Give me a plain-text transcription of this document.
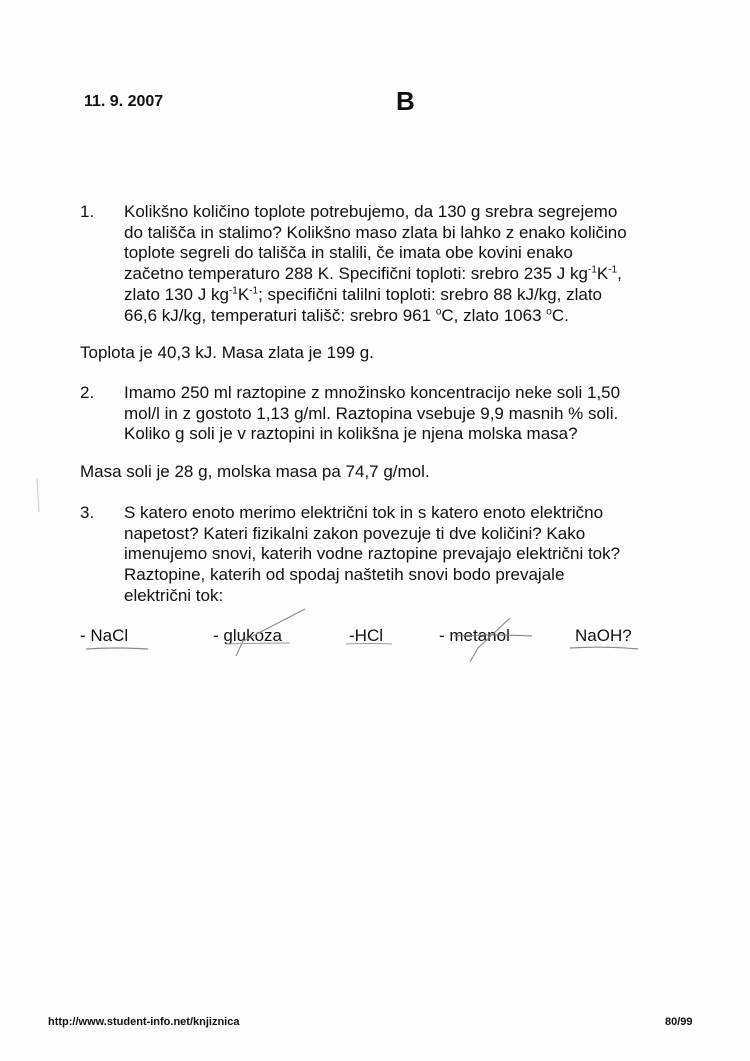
11. 9. 2007	B
1. Kolikšno količino toplote potrebujemo, da 130 g srebra segrejemo
do tališča in stalimo? Kolikšno maso zlata bi lahko z enako količino
toplote segreli do tališča in stalili, če imata obe kovini enako
začetno temperaturo 288 K. Specifični toploti: srebro 235 J $kg^{-1}K^{-1}$,
zlato 130 J $kg^{-1}K^{-1}$; specifični talilni toploti: srebro 88 kJ/kg, zlato
66,6 kJ/kg, temperaturi tališč: srebro 961 $^o$C, zlato 1063 $^o$C.
Toplota je 40,3 kJ. Masa zlata je 199 g.
2. Imamo 250 ml raztopine z množinsko koncentracijo neke soli 1,50
mol/l in z gostoto 1,13 g/ml. Raztopina vsebuje 9,9 masnih % soli.
Koliko g soli je v raztopini in kolikšna je njena molska masa?
Masa soli je 28 g, molska masa pa 74,7 g/mol.
3. S katero enoto merimo električni tok in s katero enoto električno
napetost? Kateri fizikalni zakon povezuje ti dve količini? Kako
imenujemo snovi, katerih vodne raztopine prevajajo električni tok?
Raztopine, katerih od spodaj naštetih snovi bodo prevajale
električni tok:
- NaCl	- glukoza	-HCl	- metanol	NaOH?
http://www.student-info.net/knjiznica	80/99
